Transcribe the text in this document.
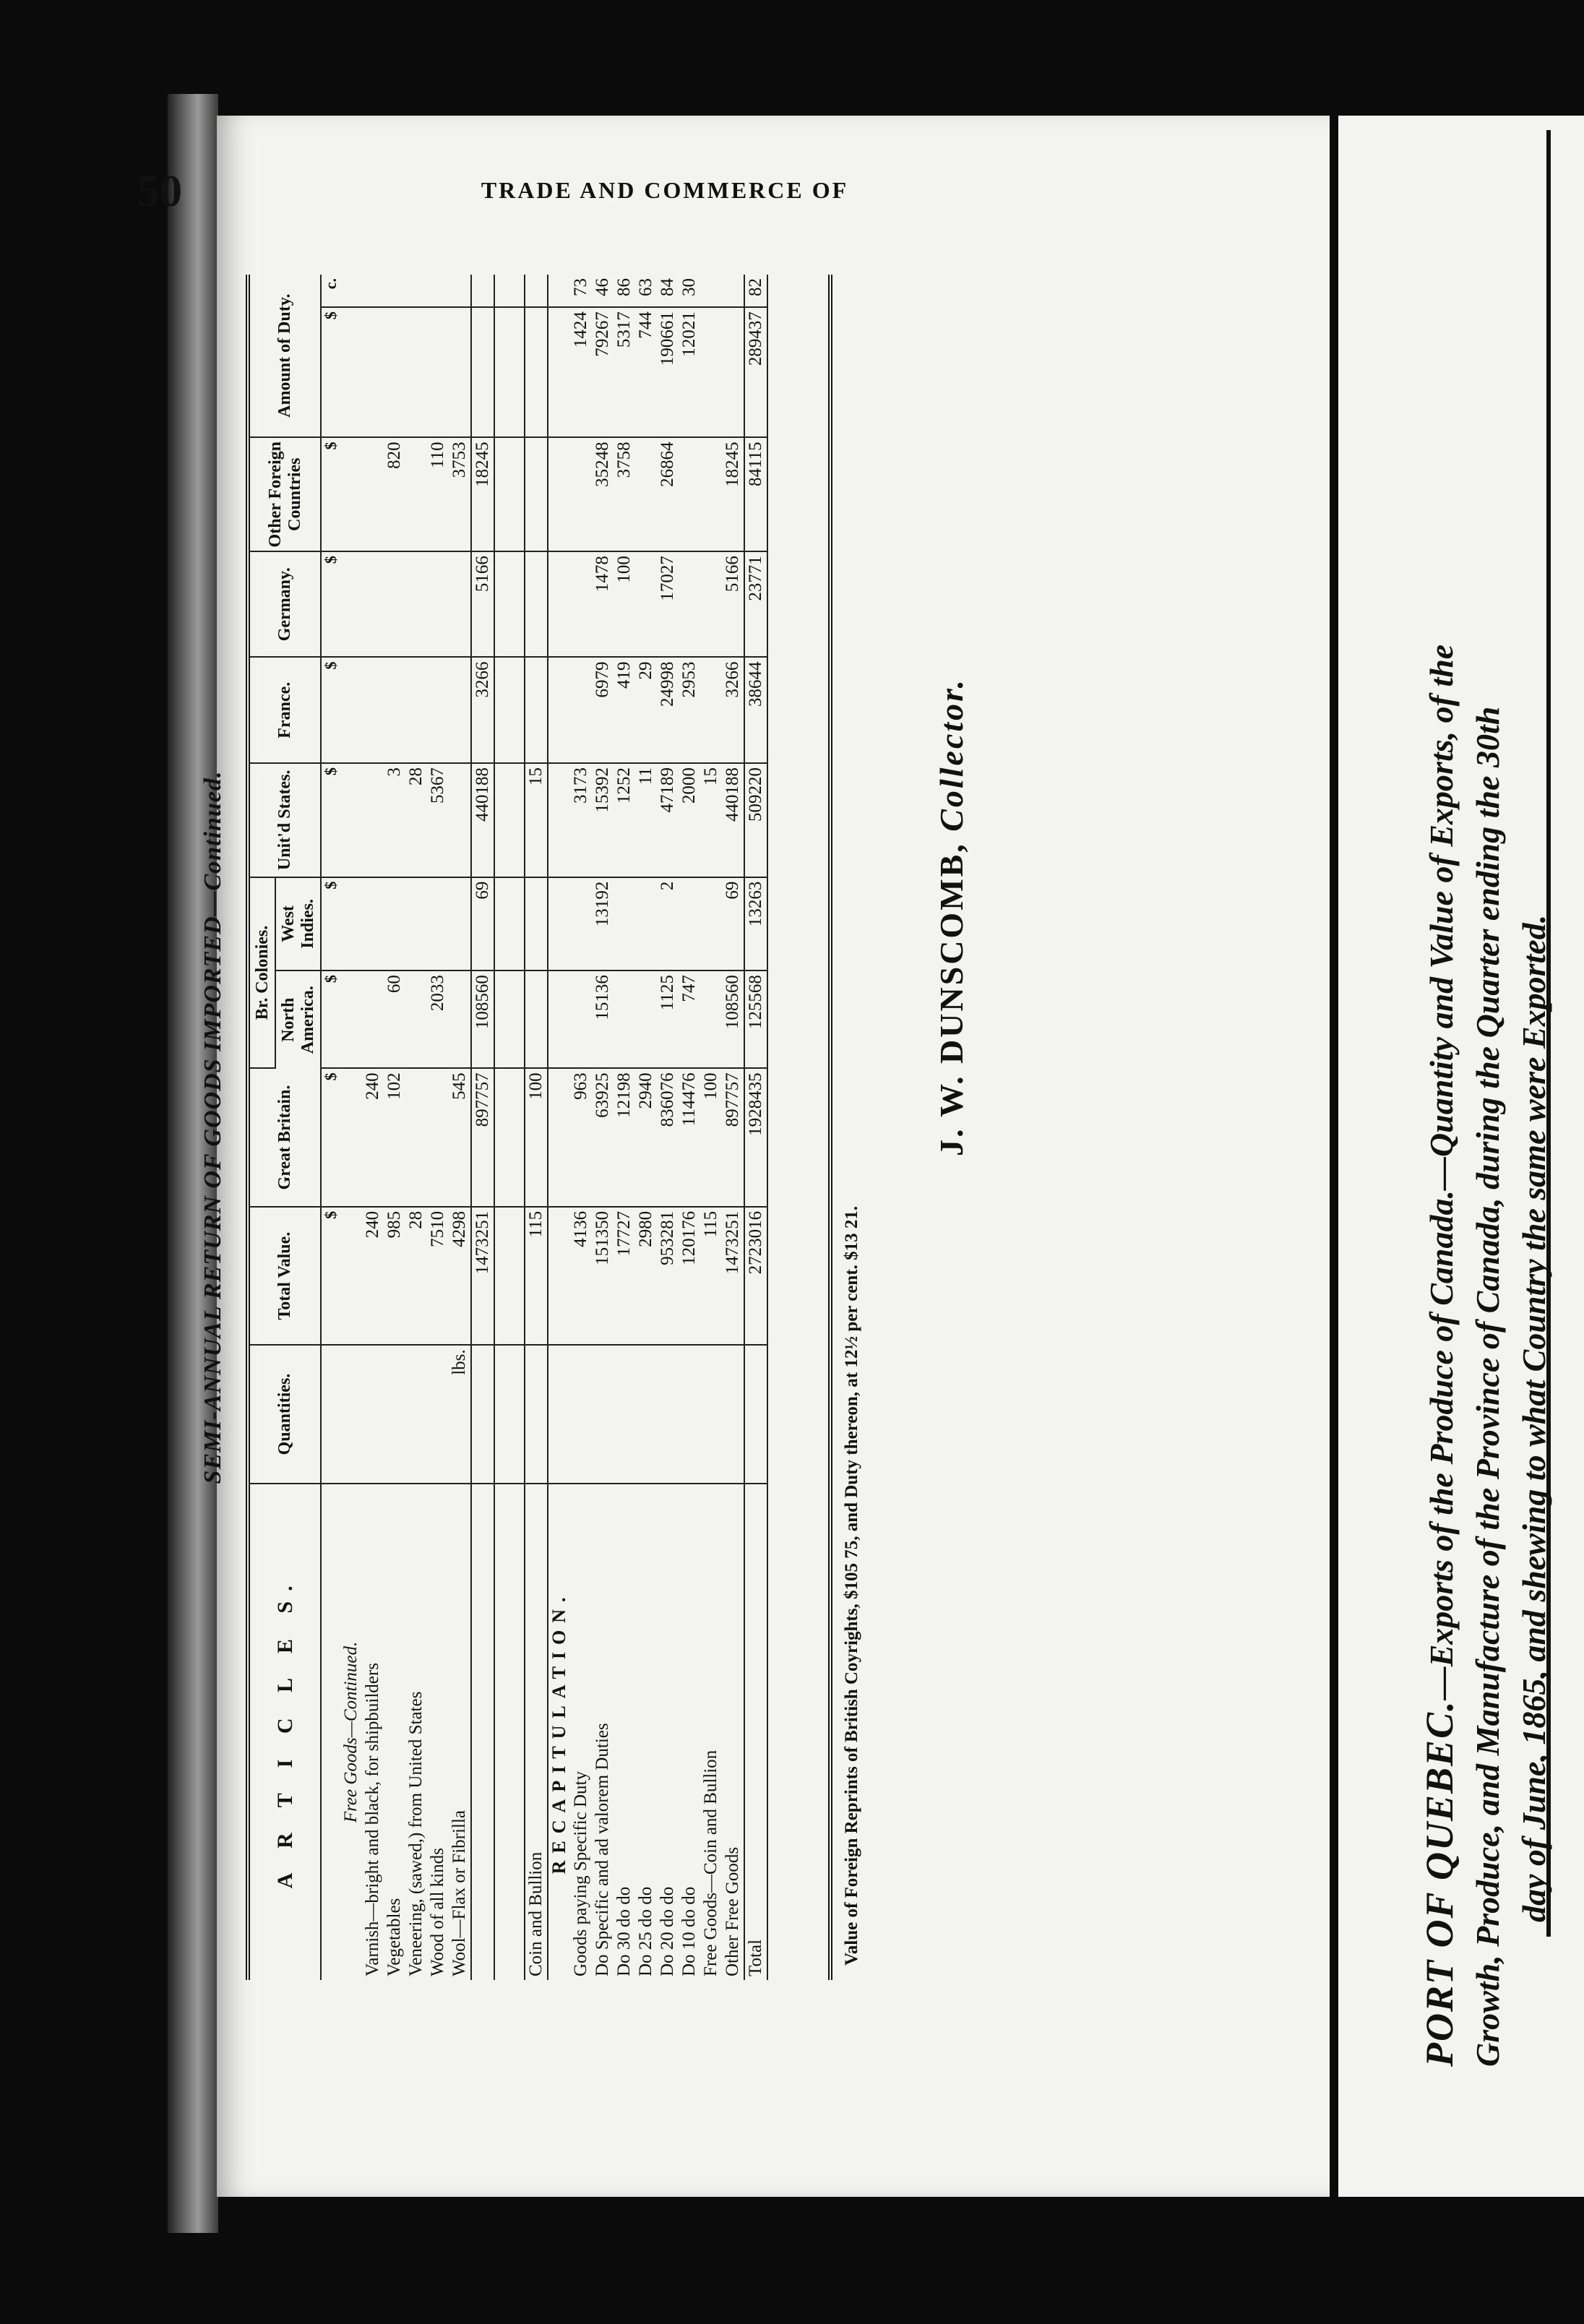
50	TRADE AND COMMERCE OF
SEMI-ANNUAL RETURN OF GOODS IMPORTED—Continued.
A R T I C L E S.	Quantities.	Total Value.	Great Britain.	Br. Colonies.		Unit'd States.	France.	Germany.	Other Foreign Countries	Amount of Duty.	
				North America.	West Indies.						
		$	$	$	$	$	$	$	$	$	c.
Free Goods—Continued.											
Varnish—bright and black, for shipbuilders		240	240								
Vegetables		985	102	60		3			820		
Veneering, (sawed,) from United States		28				28					
Wood of all kinds		7510		2033		5367			110		
Wool—Flax or Fibrilla	lbs.	4298	545						3753		
		1473251	897757	108560	69	440188	3266	5166	18245		

Coin and Bullion		115	100			15					
RECAPITULATION.											
Goods paying Specific Duty		4136	963			3173				1424	73
Do Specific and ad valorem Duties		151350	63925	15136	13192	15392	6979	1478	35248	79267	46
Do 30 do do		17727	12198			1252	419	100	3758	5317	86
Do 25 do do		2980	2940			11	29			744	63
Do 20 do do		953281	836076	1125	2	47189	24998	17027	26864	190661	84
Do 10 do do		120176	114476	747		2000	2953			12021	30
Free Goods—Coin and Bullion		115	100			15					
Other Free Goods		1473251	897757	108560	69	440188	3266	5166	18245		
Total		2723016	1928435	125568	13263	509220	38644	23771	84115	289437	82
Value of Foreign Reprints of British Coyrights, $105 75, and Duty thereon, at 12½ per cent. $13 21.
J. W. DUNSCOMB, Collector.
PORT OF QUEBEC.—Exports of the Produce of Canada.—Quantity and Value of Exports, of the Growth, Produce, and Manufacture of the Province of Canada, during the Quarter ending the 30th day of June, 1865, and shewing to what Country the same were Exported.
